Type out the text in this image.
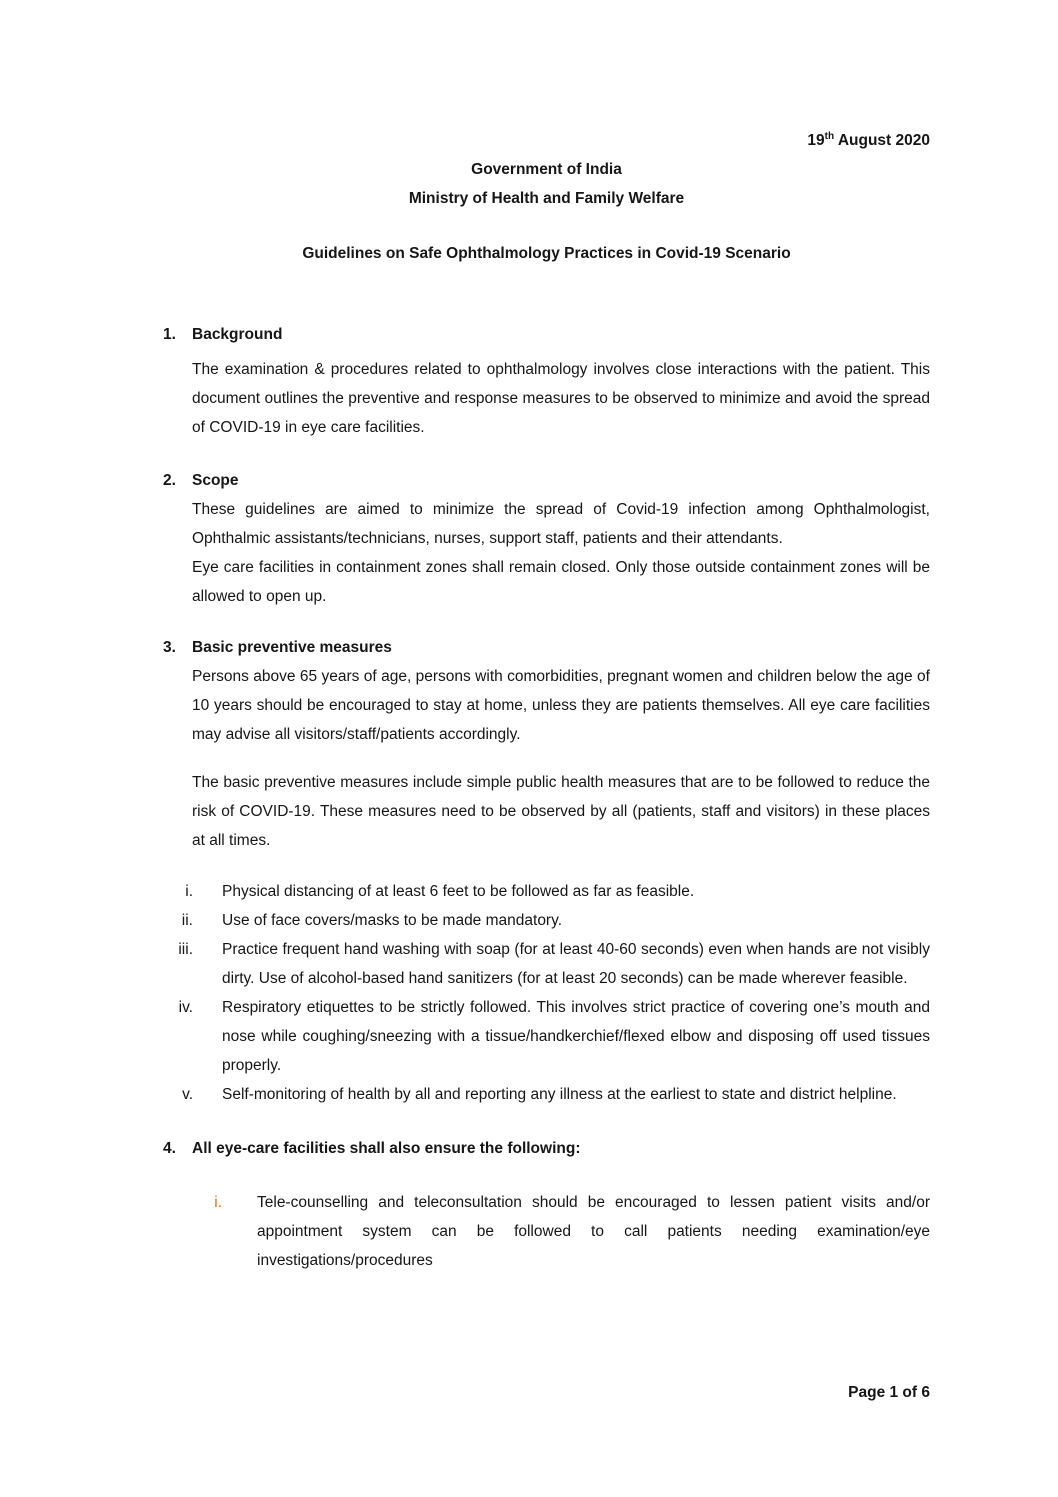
19th August 2020
Government of India
Ministry of Health and Family Welfare
Guidelines on Safe Ophthalmology Practices in Covid-19 Scenario
1.	Background

The examination & procedures related to ophthalmology involves close interactions with the patient. This document outlines the preventive and response measures to be observed to minimize and avoid the spread of COVID-19 in eye care facilities.

2.	Scope

These guidelines are aimed to minimize the spread of Covid-19 infection among Ophthalmologist, Ophthalmic assistants/technicians, nurses, support staff, patients and their attendants.

Eye care facilities in containment zones shall remain closed. Only those outside containment zones will be allowed to open up.

3.	Basic preventive measures

Persons above 65 years of age, persons with comorbidities, pregnant women and children below the age of 10 years should be encouraged to stay at home, unless they are patients themselves. All eye care facilities may advise all visitors/staff/patients accordingly.

The basic preventive measures include simple public health measures that are to be followed to reduce the risk of COVID-19. These measures need to be observed by all (patients, staff and visitors) in these places at all times.

i. Physical distancing of at least 6 feet to be followed as far as feasible.
ii. Use of face covers/masks to be made mandatory.
iii. Practice frequent hand washing with soap (for at least 40-60 seconds) even when hands are not visibly dirty. Use of alcohol-based hand sanitizers (for at least 20 seconds) can be made wherever feasible.
iv. Respiratory etiquettes to be strictly followed. This involves strict practice of covering one’s mouth and nose while coughing/sneezing with a tissue/handkerchief/flexed elbow and disposing off used tissues properly.
v. Self-monitoring of health by all and reporting any illness at the earliest to state and district helpline.
4.	All eye-care facilities shall also ensure the following:
i. Tele-counselling and teleconsultation should be encouraged to lessen patient visits and/or appointment system can be followed to call patients needing examination/eye investigations/procedures
Page 1 of 6
